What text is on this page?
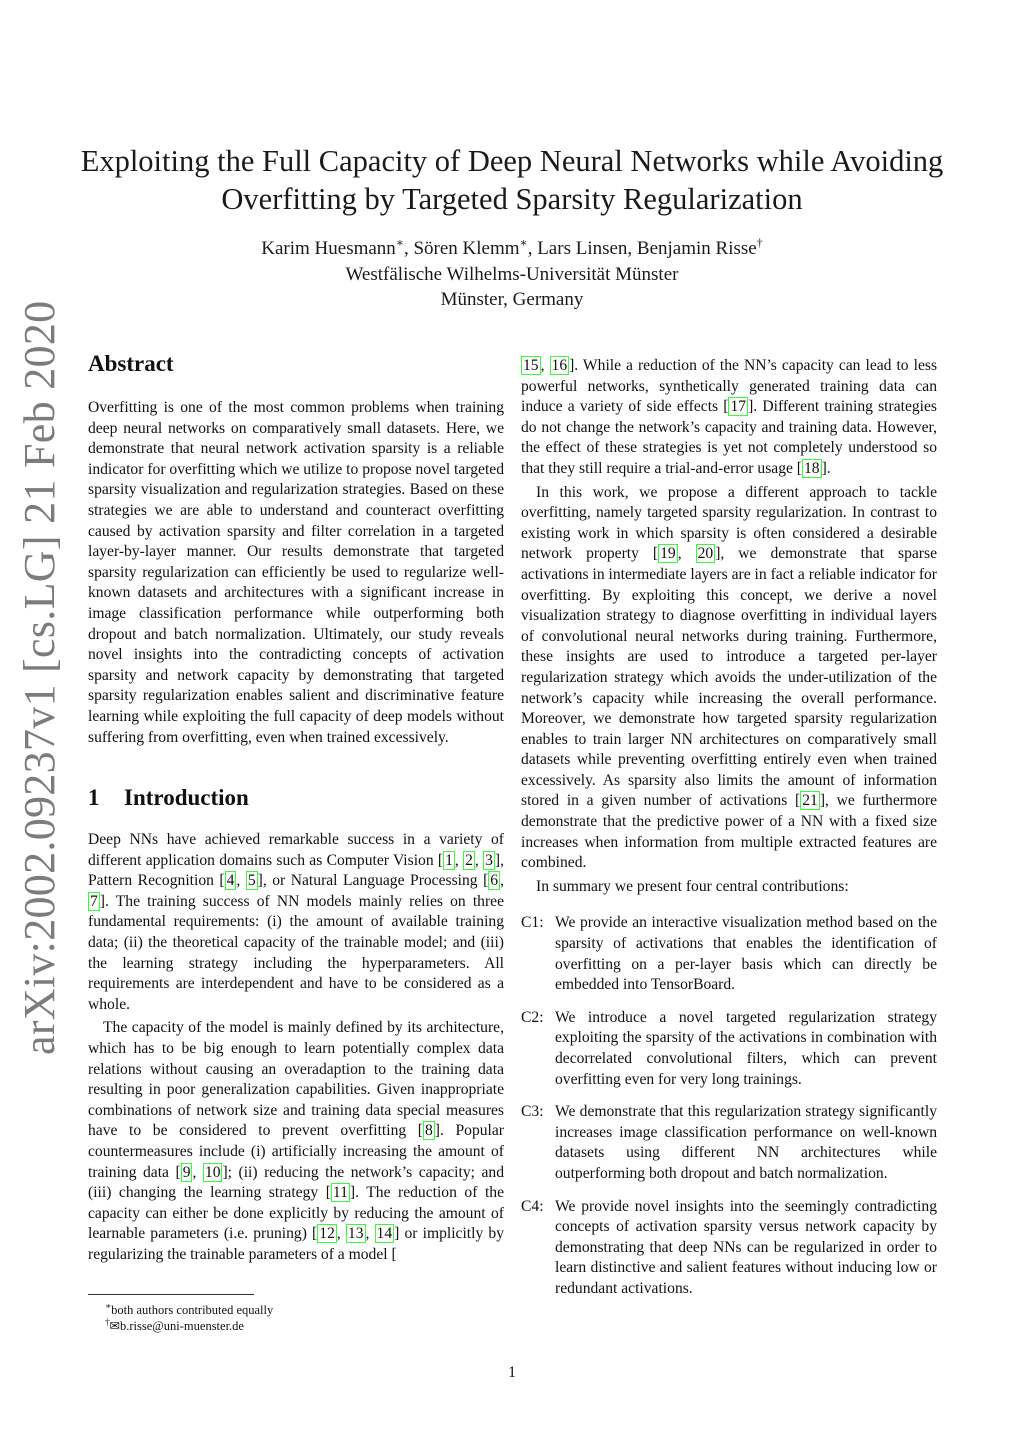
arXiv:2002.09237v1 [cs.LG] 21 Feb 2020
Exploiting the Full Capacity of Deep Neural Networks while Avoiding
Overfitting by Targeted Sparsity Regularization
Karim Huesmann∗, Sören Klemm∗, Lars Linsen, Benjamin Risse†
Westfälische Wilhelms-Universität Münster
Münster, Germany
Abstract

Overfitting is one of the most common problems when training deep neural networks on comparatively small datasets. Here, we demonstrate that neural network activation sparsity is a reliable indicator for overfitting which we utilize to propose novel targeted sparsity visualization and regularization strategies. Based on these strategies we are able to understand and counteract overfitting caused by activation sparsity and filter correlation in a targeted layer-by-layer manner. Our results demonstrate that targeted sparsity regularization can efficiently be used to regularize well-known datasets and architectures with a significant increase in image classification performance while outperforming both dropout and batch normalization. Ultimately, our study reveals novel insights into the contradicting concepts of activation sparsity and network capacity by demonstrating that targeted sparsity regularization enables salient and discriminative feature learning while exploiting the full capacity of deep models without suffering from overfitting, even when trained excessively.

1 Introduction

Deep NNs have achieved remarkable success in a variety of different application domains such as Computer Vision [ 1 , 2 , 3 ], Pattern Recognition [ 4 , 5 ], or Natural Language Processing [ 6 , 7 ]. The training success of NN models mainly relies on three fundamental requirements: (i) the amount of available training data; (ii) the theoretical capacity of the trainable model; and (iii) the learning strategy including the hyperparameters. All requirements are interdependent and have to be considered as a whole.

The capacity of the model is mainly defined by its architecture, which has to be big enough to learn potentially complex data relations without causing an overadaption to the training data resulting in poor generalization capabilities. Given inappropriate combinations of network size and training data special measures have to be considered to prevent overfitting [ 8 ]. Popular countermeasures include (i) artificially increasing the amount of training data [ 9 , 10 ]; (ii) reducing the network’s capacity; and (iii) changing the learning strategy [ 11 ]. The reduction of the capacity can either be done explicitly by reducing the amount of learnable parameters (i.e. pruning) [ 12 , 13 , 14 ] or implicitly by regularizing the trainable parameters of a model [

15 , 16 ]. While a reduction of the NN’s capacity can lead to less powerful networks, synthetically generated training data can induce a variety of side effects [ 17 ]. Different training strategies do not change the network’s capacity and training data. However, the effect of these strategies is yet not completely understood so that they still require a trial-and-error usage [ 18 ].

In this work, we propose a different approach to tackle overfitting, namely targeted sparsity regularization. In contrast to existing work in which sparsity is often considered a desirable network property [ 19 , 20 ], we demonstrate that sparse activations in intermediate layers are in fact a reliable indicator for overfitting. By exploiting this concept, we derive a novel visualization strategy to diagnose overfitting in individual layers of convolutional neural networks during training. Furthermore, these insights are used to introduce a targeted per-layer regularization strategy which avoids the under-utilization of the network’s capacity while increasing the overall performance. Moreover, we demonstrate how targeted sparsity regularization enables to train larger NN architectures on comparatively small datasets while preventing overfitting entirely even when trained excessively. As sparsity also limits the amount of information stored in a given number of activations [ 21 ], we furthermore demonstrate that the predictive power of a NN with a fixed size increases when information from multiple extracted features are combined.

In summary we present four central contributions:

C1: We provide an interactive visualization method based on the sparsity of activations that enables the identification of overfitting on a per-layer basis which can directly be embedded into TensorBoard.
C2: We introduce a novel targeted regularization strategy exploiting the sparsity of the activations in combination with decorrelated convolutional filters, which can prevent overfitting even for very long trainings.
C3: We demonstrate that this regularization strategy significantly increases image classification performance on well-known datasets using different NN architectures while outperforming both dropout and batch normalization.
C4: We provide novel insights into the seemingly contradicting concepts of activation sparsity versus network capacity by demonstrating that deep NNs can be regularized in order to learn distinctive and salient features without inducing low or redundant activations.
∗both authors contributed equally
†✉b.risse@uni-muenster.de
1
